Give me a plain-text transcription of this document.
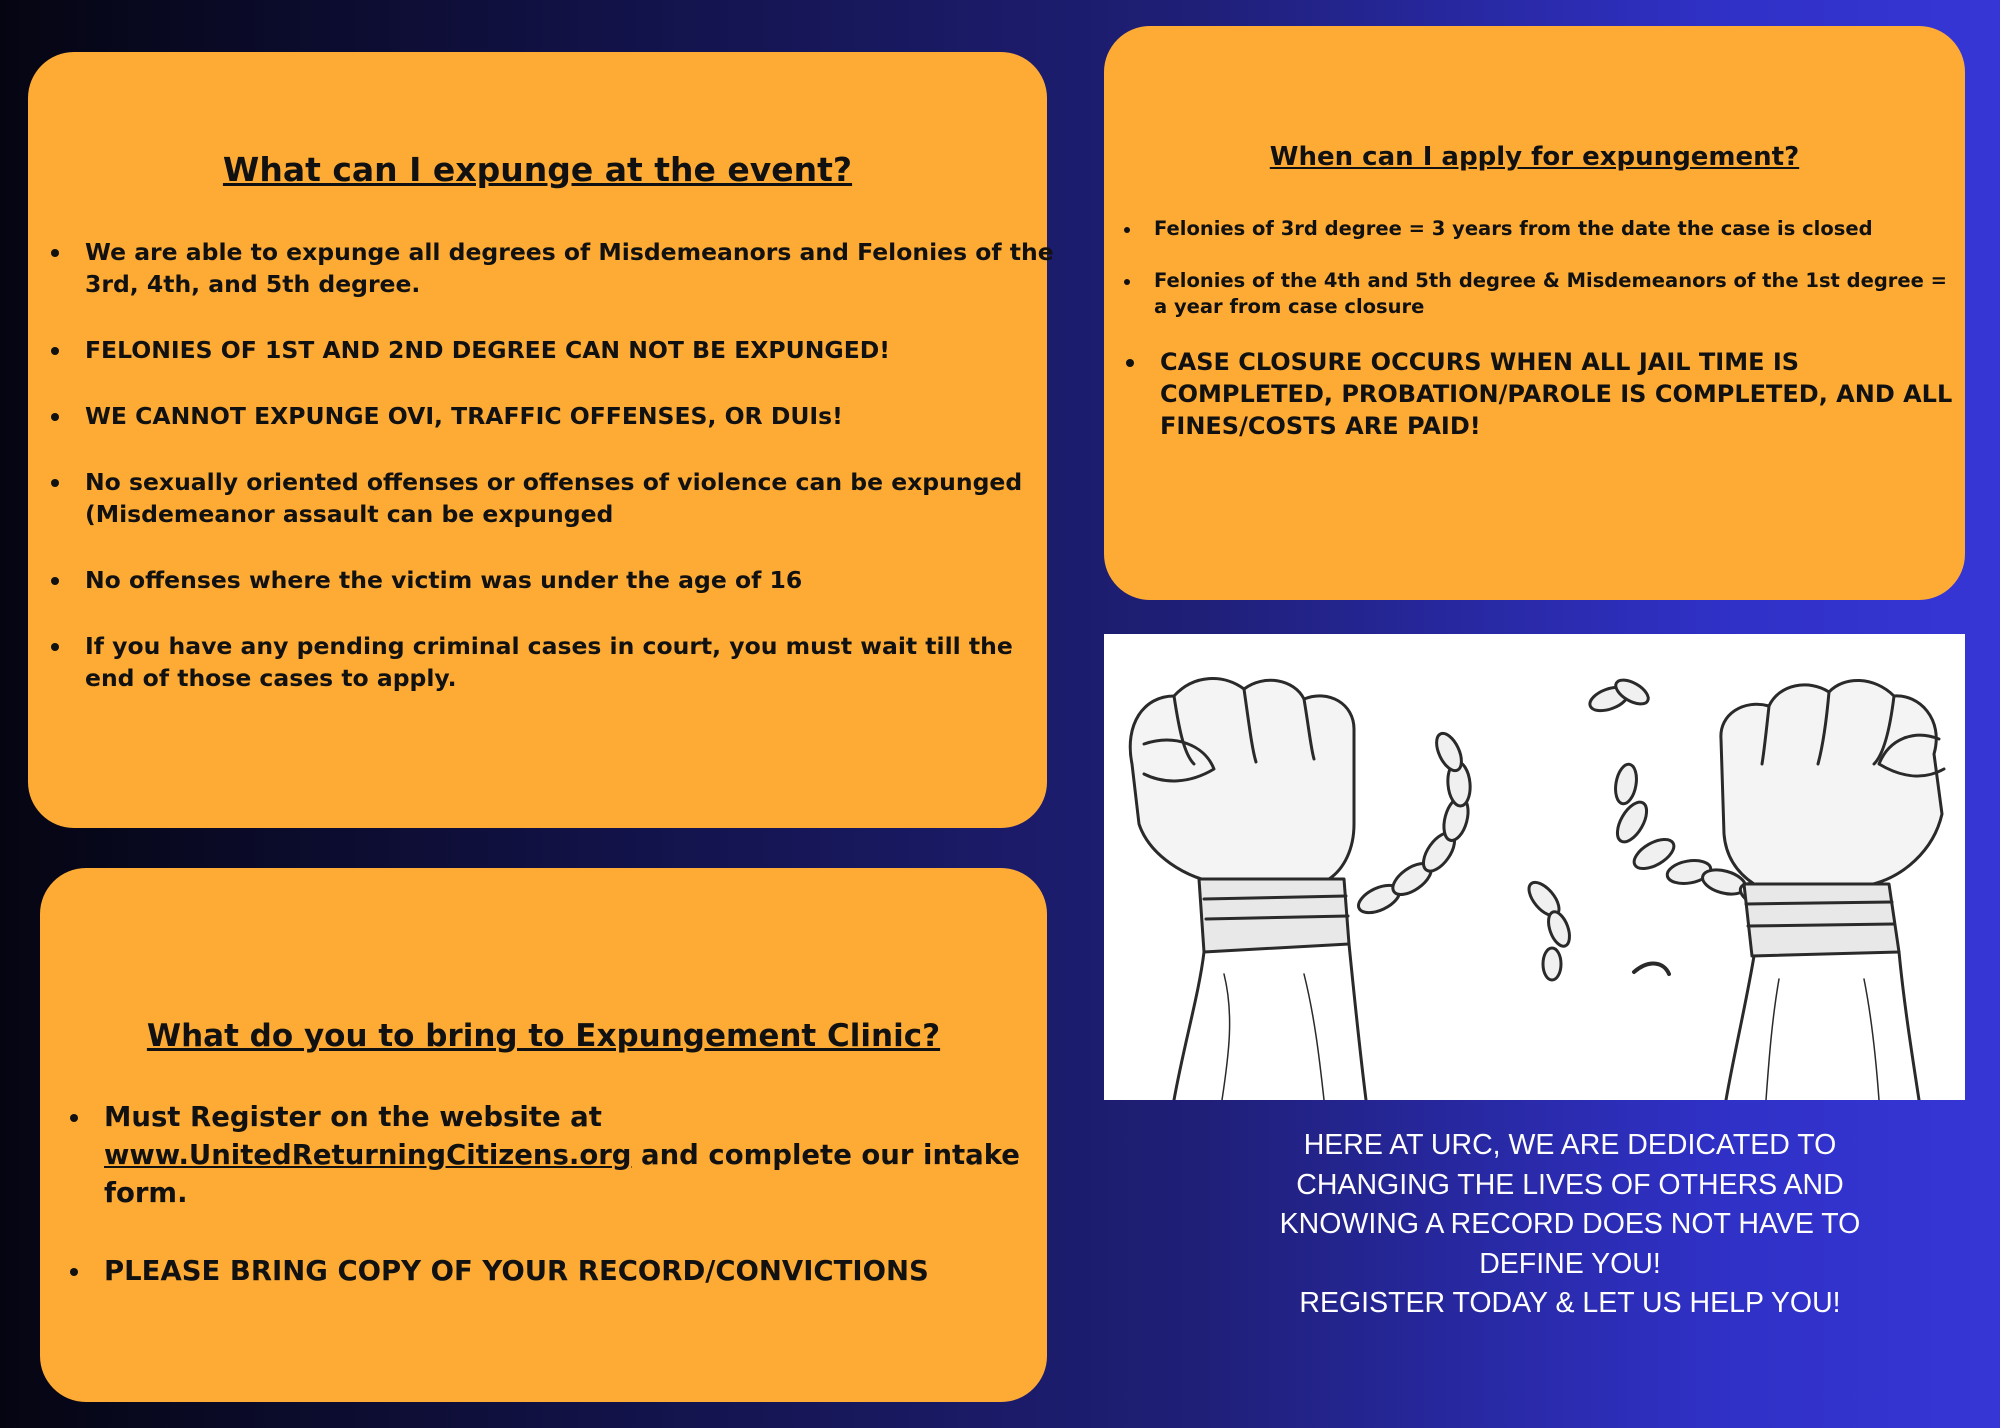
What can I expunge at the event?
We are able to expunge all degrees of Misdemeanors and Felonies of the 3rd, 4th, and 5th degree.
FELONIES OF 1ST AND 2ND DEGREE CAN NOT BE EXPUNGED!
WE CANNOT EXPUNGE OVI, TRAFFIC OFFENSES, OR DUIs!
No sexually oriented offenses or offenses of violence can be expunged (Misdemeanor assault can be expunged
No offenses where the victim was under the age of 16
If you have any pending criminal cases in court, you must wait till the end of those cases to apply.
When can I apply for expungement?
Felonies of 3rd degree = 3 years from the date the case is closed
Felonies of the 4th and 5th degree & Misdemeanors of the 1st degree = a year from case closure
CASE CLOSURE OCCURS WHEN ALL JAIL TIME IS COMPLETED, PROBATION/PAROLE IS COMPLETED, AND ALL FINES/COSTS ARE PAID!
What do you to bring to Expungement Clinic?
Must Register on the website at www.UnitedReturningCitizens.org and complete our intake form.
PLEASE BRING COPY OF YOUR RECORD/CONVICTIONS
HERE AT URC, WE ARE DEDICATED TO
CHANGING THE LIVES OF OTHERS AND
KNOWING A RECORD DOES NOT HAVE TO
DEFINE YOU!
REGISTER TODAY & LET US HELP YOU!
